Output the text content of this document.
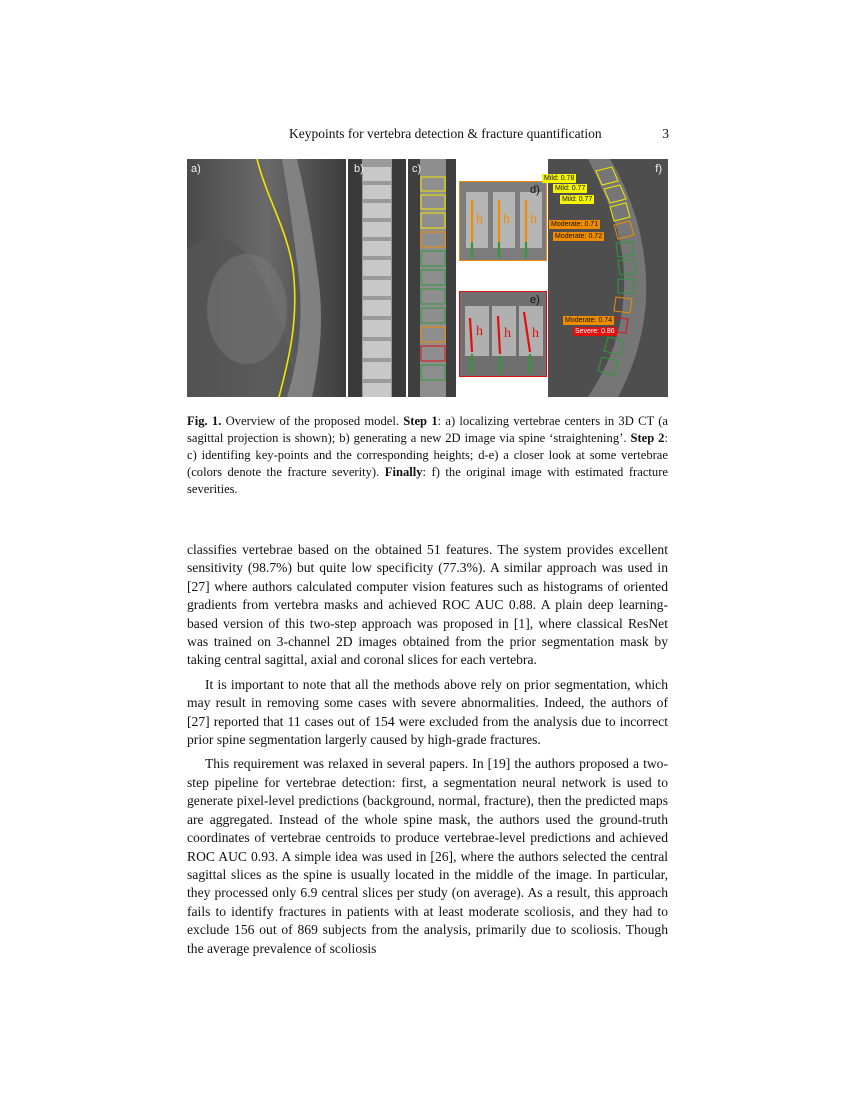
Keypoints for vertebra detection & fracture quantification	3
a)	b)	c)
h h h
d)
h h h
e)
f)
Mild: 0.78
Mild: 0.77
Mild: 0.77
Moderate: 0.71
Moderate: 0.72
Moderate: 0.74
Severe: 0.86
Fig. 1. Overview of the proposed model. Step 1: a) localizing vertebrae centers in 3D CT (a sagittal projection is shown); b) generating a new 2D image via spine ‘straightening’. Step 2: c) identifing key-points and the corresponding heights; d-e) a closer look at some vertebrae (colors denote the fracture severity). Finally: f) the original image with estimated fracture severities.

classifies vertebrae based on the obtained 51 features. The system provides excellent sensitivity (98.7%) but quite low specificity (77.3%). A similar approach was used in [27] where authors calculated computer vision features such as histograms of oriented gradients from vertebra masks and achieved ROC AUC 0.88. A plain deep learning-based version of this two-step approach was proposed in [1], where classical ResNet was trained on 3-channel 2D images obtained from the prior segmentation mask by taking central sagittal, axial and coronal slices for each vertebra.

It is important to note that all the methods above rely on prior segmentation, which may result in removing some cases with severe abnormalities. Indeed, the authors of [27] reported that 11 cases out of 154 were excluded from the analysis due to incorrect prior spine segmentation largerly caused by high-grade fractures.

This requirement was relaxed in several papers. In [19] the authors proposed a two-step pipeline for vertebrae detection: first, a segmentation neural network is used to generate pixel-level predictions (background, normal, fracture), then the predicted maps are aggregated. Instead of the whole spine mask, the authors used the ground-truth coordinates of vertebrae centroids to produce vertebrae-level predictions and achieved ROC AUC 0.93. A simple idea was used in [26], where the authors selected the central sagittal slices as the spine is usually located in the middle of the image. In particular, they processed only 6.9 central slices per study (on average). As a result, this approach fails to identify fractures in patients with at least moderate scoliosis, and they had to exclude 156 out of 869 subjects from the analysis, primarily due to scoliosis. Though the average prevalence of scoliosis
